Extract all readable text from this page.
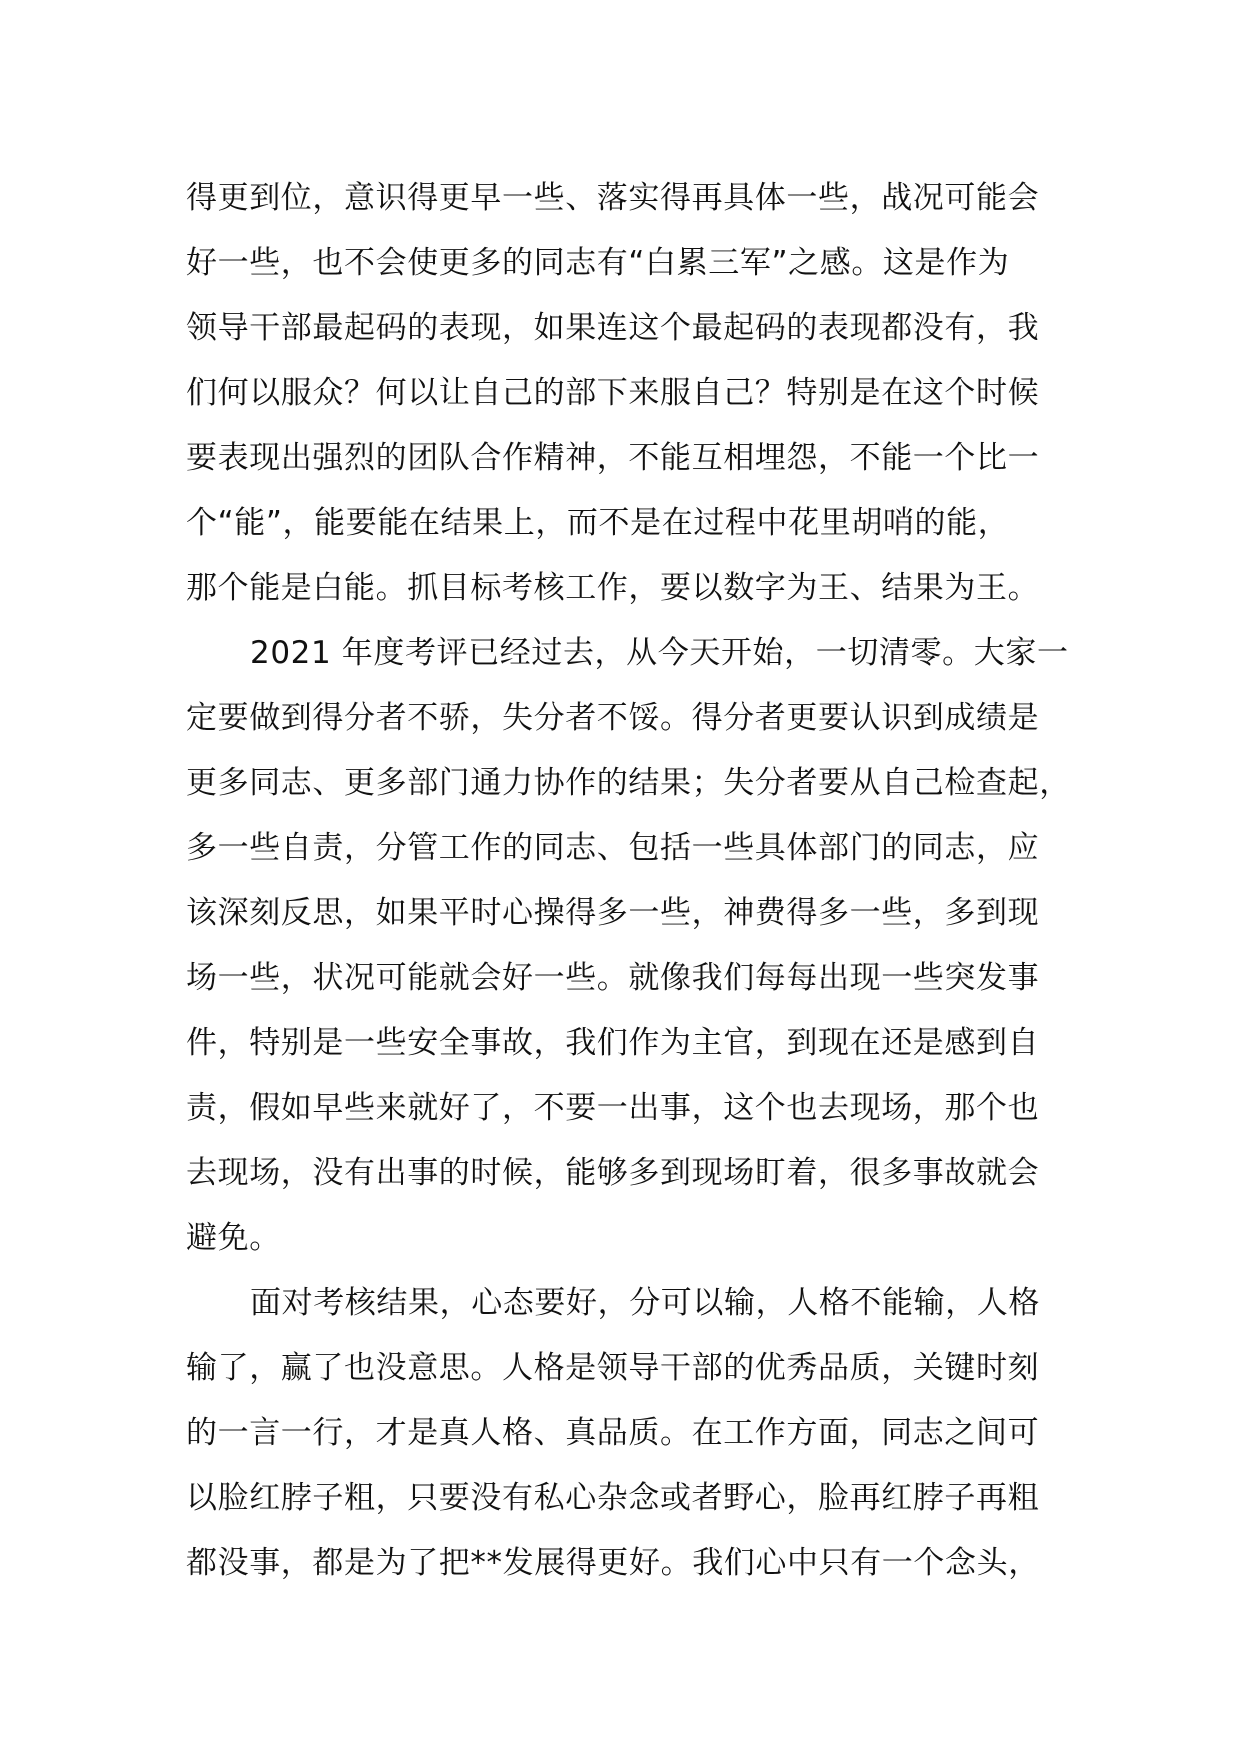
得更到位，意识得更早一些、落实得再具体一些，战况可能会
好一些，也不会使更多的同志有“白累三军”之感。这是作为
领导干部最起码的表现，如果连这个最起码的表现都没有，我
们何以服众？何以让自己的部下来服自己？特别是在这个时候
要表现出强烈的团队合作精神，不能互相埋怨，不能一个比一
个“能”，能要能在结果上，而不是在过程中花里胡哨的能，
那个能是白能。抓目标考核工作，要以数字为王、结果为王。
2021 年度考评已经过去，从今天开始，一切清零。大家一
定要做到得分者不骄，失分者不馁。得分者更要认识到成绩是
更多同志、更多部门通力协作的结果；失分者要从自己检查起，
多一些自责，分管工作的同志、包括一些具体部门的同志，应
该深刻反思，如果平时心操得多一些，神费得多一些，多到现
场一些，状况可能就会好一些。就像我们每每出现一些突发事
件，特别是一些安全事故，我们作为主官，到现在还是感到自
责，假如早些来就好了，不要一出事，这个也去现场，那个也
去现场，没有出事的时候，能够多到现场盯着，很多事故就会
避免。
面对考核结果，心态要好，分可以输，人格不能输，人格
输了，赢了也没意思。人格是领导干部的优秀品质，关键时刻
的一言一行，才是真人格、真品质。在工作方面，同志之间可
以脸红脖子粗，只要没有私心杂念或者野心，脸再红脖子再粗
都没事，都是为了把**发展得更好。我们心中只有一个念头，
